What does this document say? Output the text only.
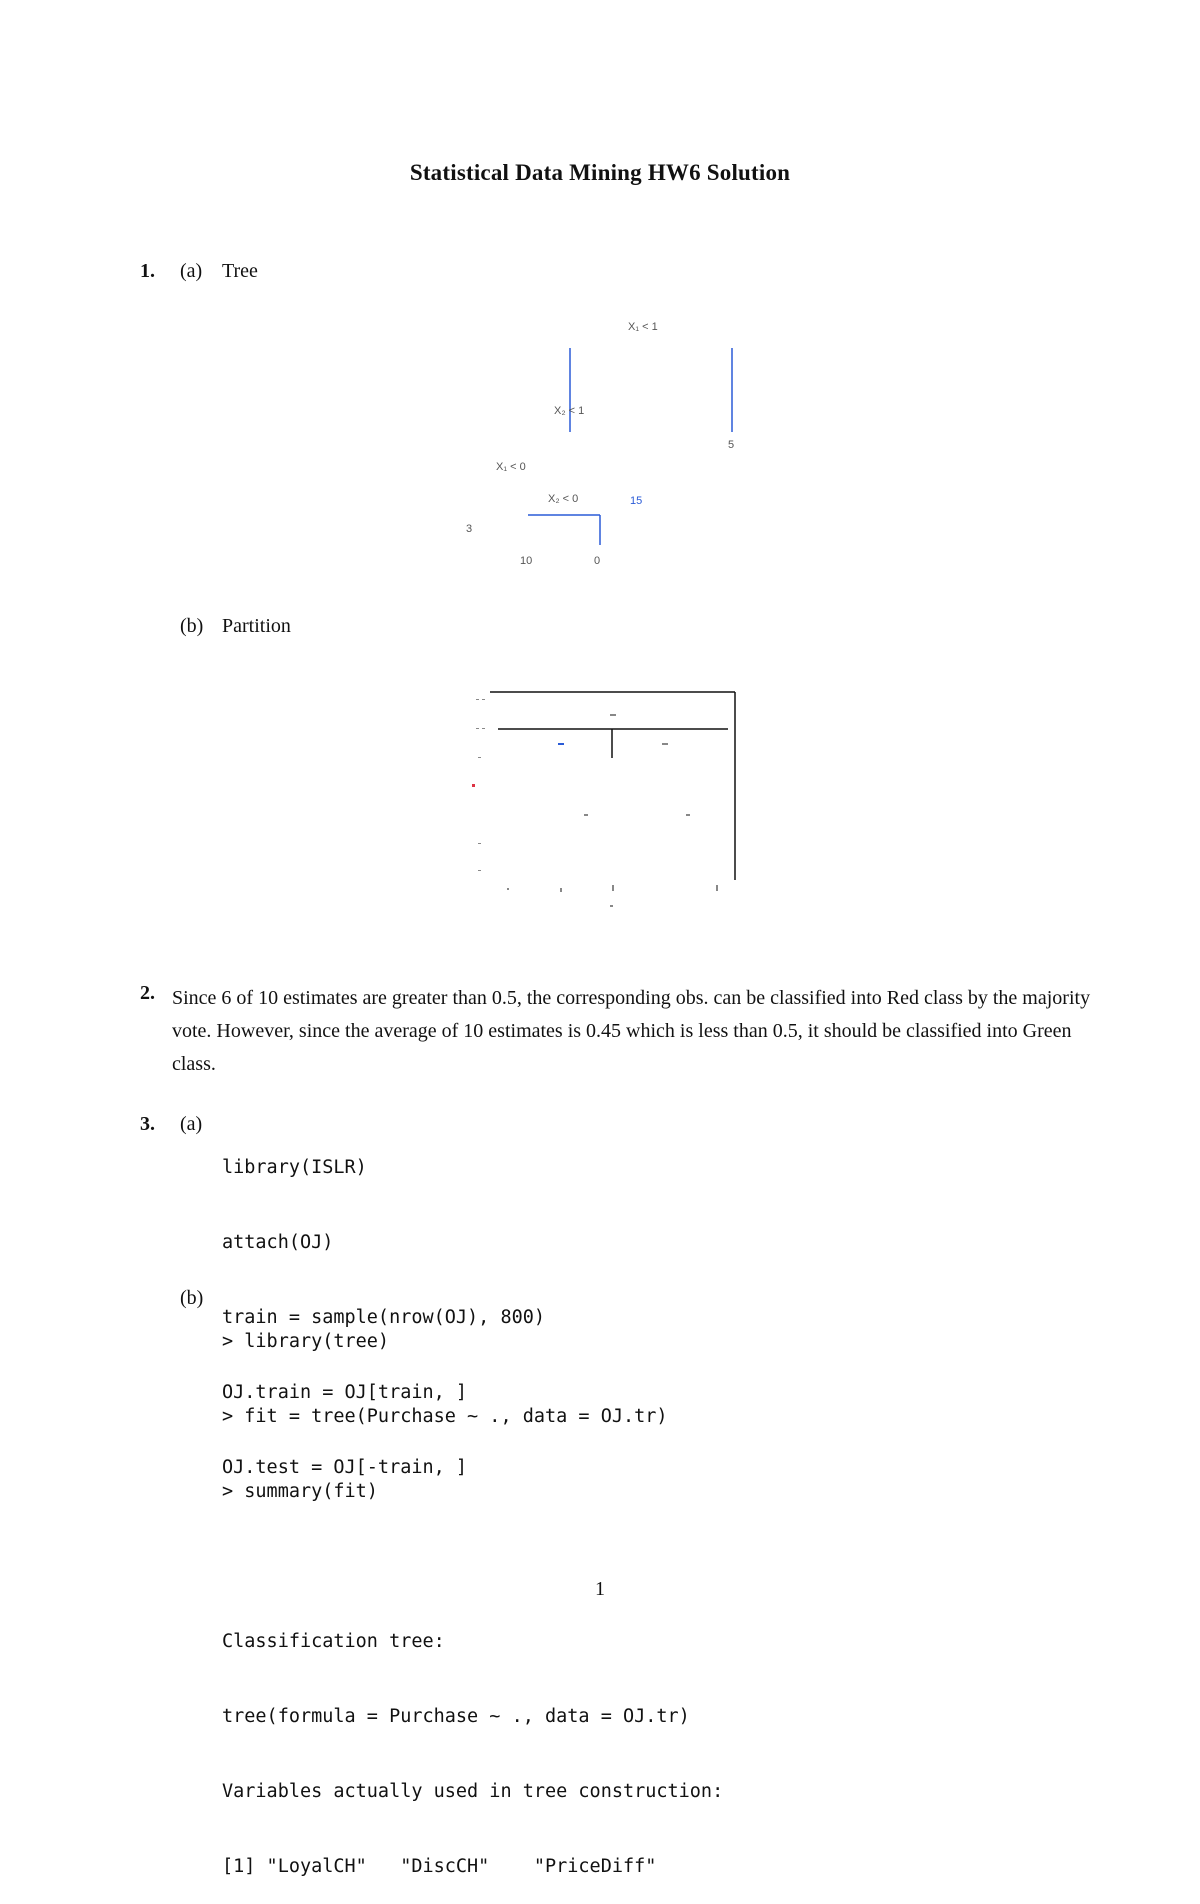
Statistical Data Mining HW6 Solution
1. (a) Tree
X₁ < 1
X₂ < 1
X₁ < 0
X₂ < 0
5
15
3
10	0
(b) Partition
2. Since 6 of 10 estimates are greater than 0.5, the corresponding obs. can be classified into Red class by the majority vote. However, since the average of 10 estimates is 0.45 which is less than 0.5, it should be classified into Green class.
3. (a)

library(ISLR)

attach(OJ)

train = sample(nrow(OJ), 800)

OJ.train = OJ[train, ]

OJ.test = OJ[-train, ]

(b)

> library(tree)

> fit = tree(Purchase ~ ., data = OJ.tr)

> summary(fit)

Classification tree:

tree(formula = Purchase ~ ., data = OJ.tr)

Variables actually used in tree construction:

[1] "LoyalCH"   "DiscCH"    "PriceDiff"

1
